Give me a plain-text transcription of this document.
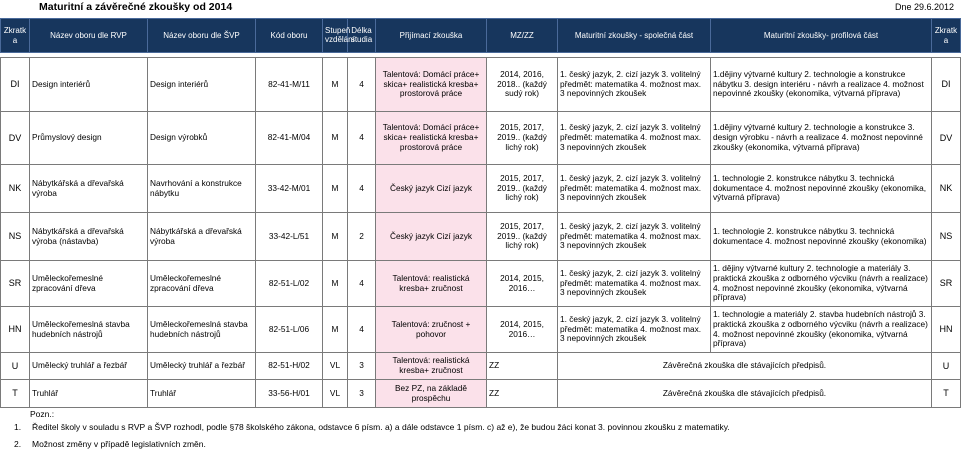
Maturitní a závěrečné zkoušky od 2014	Dne 29.6.2012
Zkratk a	Název oboru dle RVP	Název oboru dle ŠVP	Kód oboru	Stupeň vzdělání	Délka studia	Přijímací zkouška	MZ/ZZ	Maturitní zkoušky - společná část	Maturitní zkoušky- profilová část	Zkratk a

DI	Design interiérů	Design interiérů	82-41-M/11	M	4	Talentová: Domácí práce+ skica+ realistická kresba+ prostorová práce	2014, 2016, 2018.. (každý sudý rok)	1. český jazyk, 2. cizí jazyk 3. volitelný předmět: matematika 4. možnost max. 3 nepovinných zkoušek	1.dějiny výtvarné kultury 2. technologie a konstrukce nábytku 3. design interiéru - návrh a realizace 4. možnost nepovinné zkoušky (ekonomika, výtvarná příprava)	DI
DV	Průmyslový design	Design výrobků	82-41-M/04	M	4	Talentová: Domácí práce+ skica+ realistická kresba+ prostorová práce	2015, 2017, 2019.. (každý lichý rok)	1. český jazyk, 2. cizí jazyk 3. volitelný předmět: matematika 4. možnost max. 3 nepovinných zkoušek	1.dějiny výtvarné kultury 2. technologie a konstrukce 3. design výrobku - návrh a realizace 4. možnost nepovinné zkoušky (ekonomika, výtvarná příprava)	DV
NK	Nábytkářská a dřevařská výroba	Navrhování a konstrukce nábytku	33-42-M/01	M	4	Český jazyk Cizí jazyk	2015, 2017, 2019.. (každý lichý rok)	1. český jazyk, 2. cizí jazyk 3. volitelný předmět: matematika 4. možnost max. 3 nepovinných zkoušek	1. technologie 2. konstrukce nábytku 3. technická dokumentace 4. možnost nepovinné zkoušky (ekonomika, výtvarná příprava)	NK
NS	Nábytkářská a dřevařská výroba (nástavba)	Nábytkářská a dřevařská výroba	33-42-L/51	M	2	Český jazyk Cizí jazyk	2015, 2017, 2019.. (každý lichý rok)	1. český jazyk, 2. cizí jazyk 3. volitelný předmět: matematika 4. možnost max. 3 nepovinných zkoušek	1. technologie 2. konstrukce nábytku 3. technická dokumentace 4. možnost nepovinné zkoušky (ekonomika)	NS
SR	Uměleckořemeslné zpracování dřeva	Uměleckořemeslné zpracování dřeva	82-51-L/02	M	4	Talentová: realistická kresba+ zručnost	2014, 2015, 2016…	1. český jazyk, 2. cizí jazyk 3. volitelný předmět: matematika 4. možnost max. 3 nepovinných zkoušek	1. dějiny výtvarné kultury 2. technologie a materiály 3. praktická zkouška z odborného výcviku (návrh a realizace) 4. možnost nepovinné zkoušky (ekonomika, výtvarná příprava)	SR
HN	Uměleckořemeslná stavba hudebních nástrojů	Uměleckořemeslná stavba hudebních nástrojů	82-51-L/06	M	4	Talentová: zručnost + pohovor	2014, 2015, 2016…	1. český jazyk, 2. cizí jazyk 3. volitelný předmět: matematika 4. možnost max. 3 nepovinných zkoušek	1. technologie a materiály 2. stavba hudebních nástrojů 3. praktická zkouška z odborného výcviku (návrh a realizace) 4. možnost nepovinné zkoušky (ekonomika, výtvarná příprava)	HN
U	Umělecký truhlář a řezbář	Umělecký truhlář a řezbář	82-51-H/02	VL	3	Talentová: realistická kresba+ zručnost	ZZ	Závěrečná zkouška dle stávajících předpisů.		U
T	Truhlář	Truhlář	33-56-H/01	VL	3	Bez PZ, na základě prospěchu	ZZ	Závěrečná zkouška dle stávajících předpisů.		T
Pozn.:
1. Ředitel školy v souladu s RVP a ŠVP rozhodl, podle §78 školského zákona, odstavce 6 písm. a) a dále odstavce 1 písm. c) až e), že budou žáci konat 3. povinnou zkoušku z matematiky.
2. Možnost změny v případě legislativních změn.
